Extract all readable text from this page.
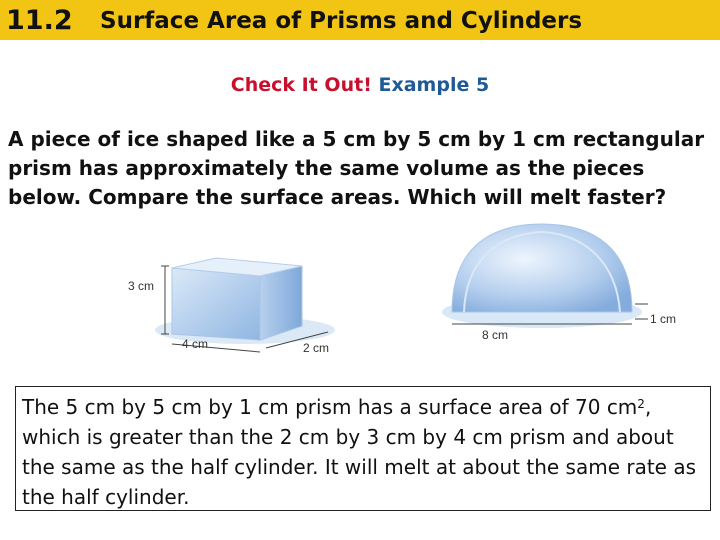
11.2 Surface Area of Prisms and Cylinders
Check It Out! Example 5

A piece of ice shaped like a 5 cm by 5 cm by 1 cm rectangular prism has approximately the same volume as the pieces below. Compare the surface areas. Which will melt faster?

3 cm
4 cm	2 cm
8 cm
1 cm
The 5 cm by 5 cm by 1 cm prism has a surface area of 70 $cm^2$, which is greater than the 2 cm by 3 cm by 4 cm prism and about the same as the half cylinder. It will melt at about the same rate as the half cylinder.
